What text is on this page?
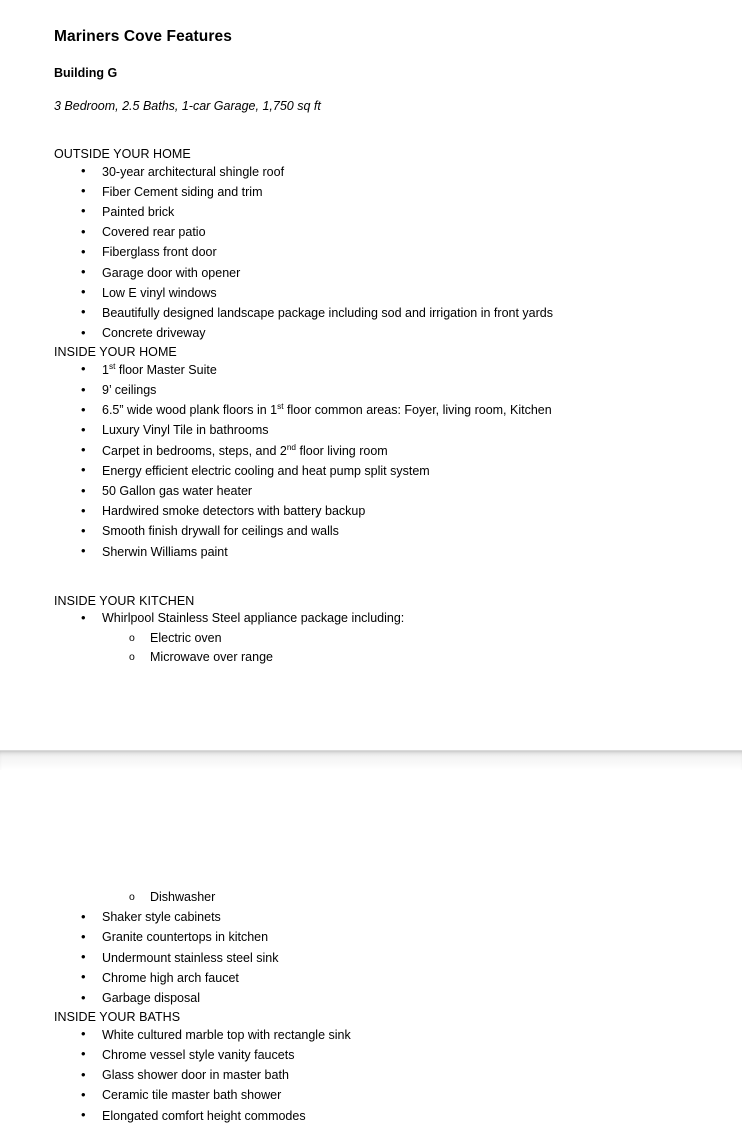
Mariners Cove Features
Building G
3 Bedroom, 2.5 Baths, 1-car Garage, 1,750 sq ft
OUTSIDE YOUR HOME
• 30-year architectural shingle roof
• Fiber Cement siding and trim
• Painted brick
• Covered rear patio
• Fiberglass front door
• Garage door with opener
• Low E vinyl windows
• Beautifully designed landscape package including sod and irrigation in front yards
• Concrete driveway
INSIDE YOUR HOME
• 1st floor Master Suite
• 9’ ceilings
• 6.5” wide wood plank floors in 1st floor common areas: Foyer, living room, Kitchen
• Luxury Vinyl Tile in bathrooms
• Carpet in bedrooms, steps, and 2nd floor living room
• Energy efficient electric cooling and heat pump split system
• 50 Gallon gas water heater
• Hardwired smoke detectors with battery backup
• Smooth finish drywall for ceilings and walls
• Sherwin Williams paint
INSIDE YOUR KITCHEN
• Whirlpool Stainless Steel appliance package including:
o Electric oven
o Microwave over range
o Dishwasher
• Shaker style cabinets
• Granite countertops in kitchen
• Undermount stainless steel sink
• Chrome high arch faucet
• Garbage disposal
INSIDE YOUR BATHS
• White cultured marble top with rectangle sink
• Chrome vessel style vanity faucets
• Glass shower door in master bath
• Ceramic tile master bath shower
• Elongated comfort height commodes
